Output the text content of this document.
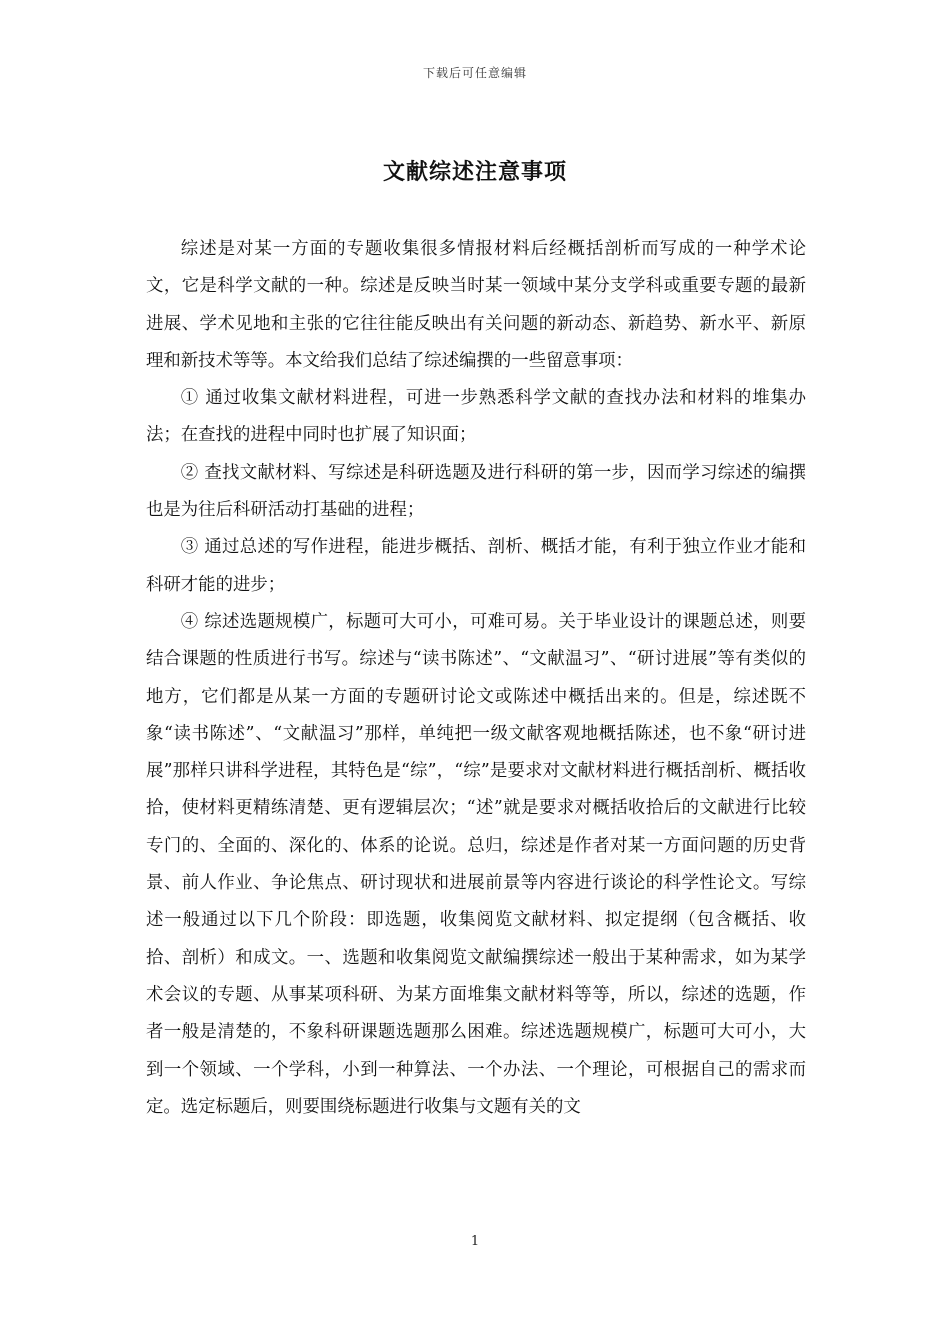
下载后可任意编辑
文献综述注意事项

综述是对某一方面的专题收集很多情报材料后经概括剖析而写成的一种学术论文，它是科学文献的一种。综述是反映当时某一领域中某分支学科或重要专题的最新进展、学术见地和主张的它往往能反映出有关问题的新动态、新趋势、新水平、新原理和新技术等等。本文给我们总结了综述编撰的一些留意事项：

① 通过收集文献材料进程，可进一步熟悉科学文献的查找办法和材料的堆集办法；在查找的进程中同时也扩展了知识面；

② 查找文献材料、写综述是科研选题及进行科研的第一步，因而学习综述的编撰也是为往后科研活动打基础的进程；

③ 通过总述的写作进程，能进步概括、剖析、概括才能，有利于独立作业才能和科研才能的进步；

④ 综述选题规模广，标题可大可小，可难可易。关于毕业设计的课题总述，则要结合课题的性质进行书写。综述与“读书陈述”、“文献温习”、“研讨进展”等有类似的地方，它们都是从某一方面的专题研讨论文或陈述中概括出来的。但是，综述既不象“读书陈述”、“文献温习”那样，单纯把一级文献客观地概括陈述，也不象“研讨进展”那样只讲科学进程，其特色是“综”，“综”是要求对文献材料进行概括剖析、概括收拾，使材料更精练清楚、更有逻辑层次；“述”就是要求对概括收拾后的文献进行比较专门的、全面的、深化的、体系的论说。总归，综述是作者对某一方面问题的历史背景、前人作业、争论焦点、研讨现状和进展前景等内容进行谈论的科学性论文。写综述一般通过以下几个阶段：即选题，收集阅览文献材料、拟定提纲（包含概括、收拾、剖析）和成文。一、选题和收集阅览文献编撰综述一般出于某种需求，如为某学术会议的专题、从事某项科研、为某方面堆集文献材料等等，所以，综述的选题，作者一般是清楚的，不象科研课题选题那么困难。综述选题规模广，标题可大可小，大到一个领域、一个学科，小到一种算法、一个办法、一个理论，可根据自己的需求而定。选定标题后，则要围绕标题进行收集与文题有关的文

1
